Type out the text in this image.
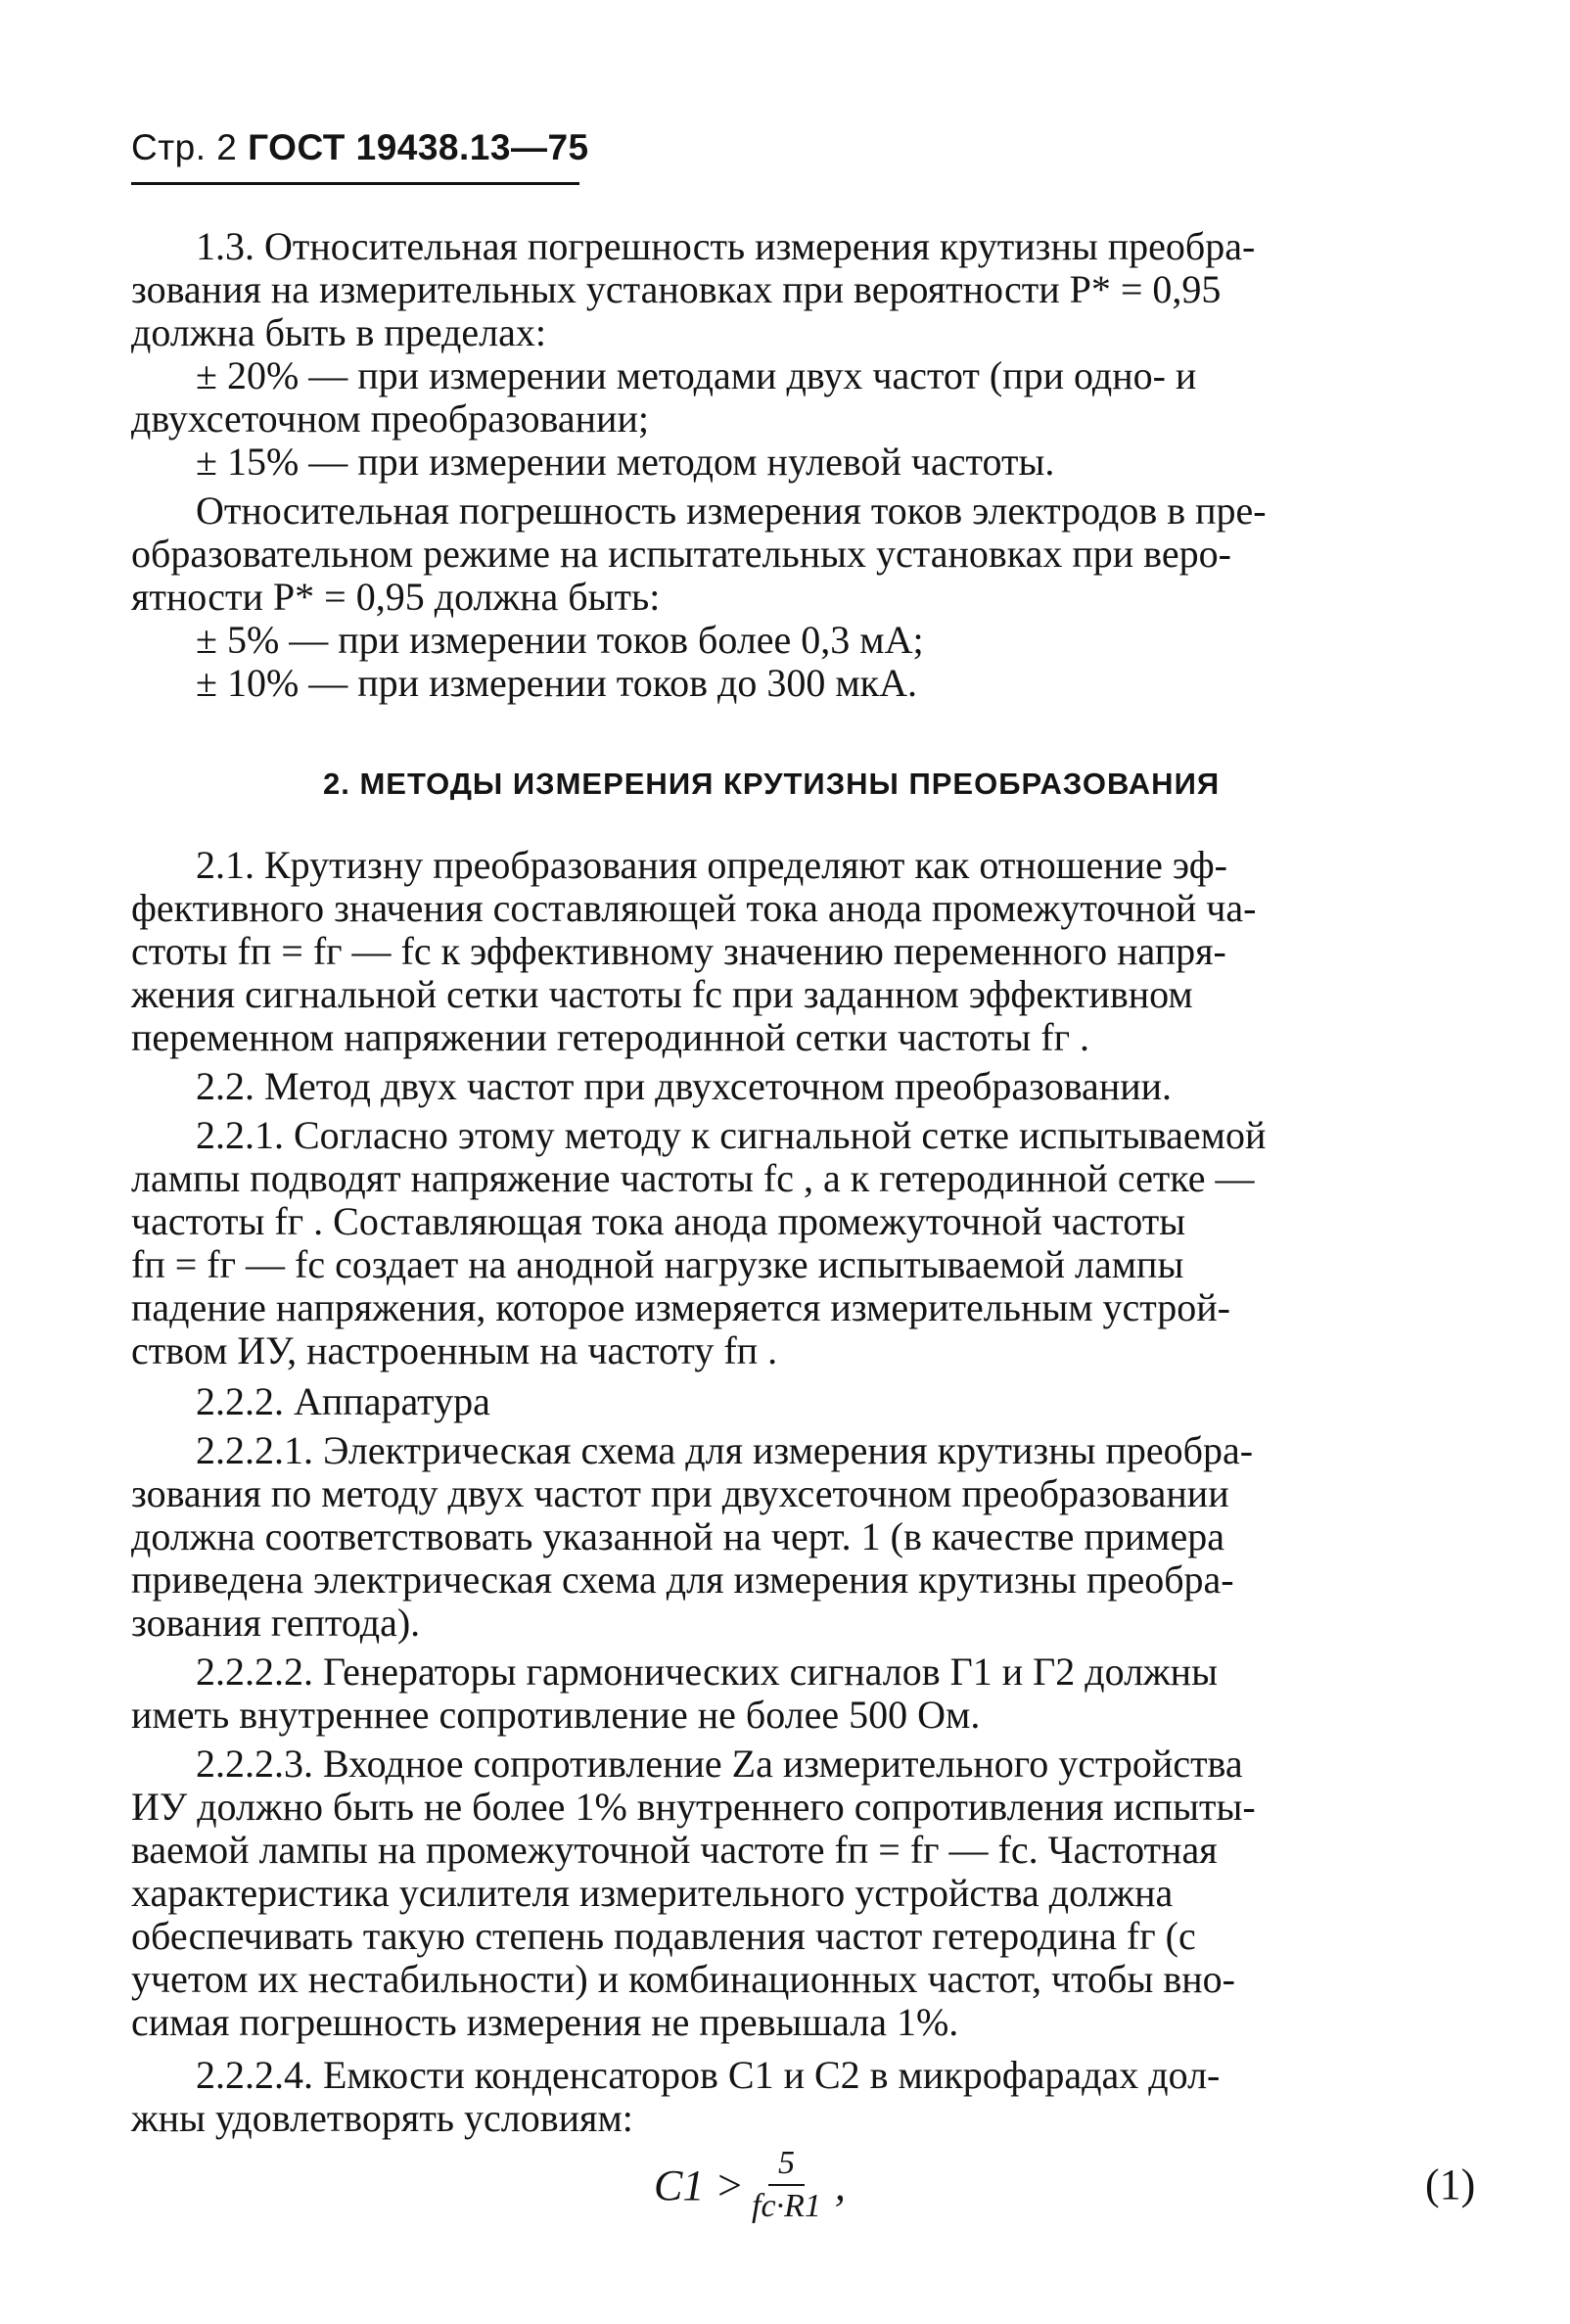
Стр. 2 ГОСТ 19438.13—75
1.3. Относительная погрешность измерения крутизны преобра-
зования на измерительных установках при вероятности P* = 0,95
должна быть в пределах:
± 20% — при измерении методами двух частот (при одно- и
двухсеточном преобразовании;
± 15% — при измерении методом нулевой частоты.
Относительная погрешность измерения токов электродов в пре-
образовательном режиме на испытательных установках при веро-
ятности P* = 0,95 должна быть:
± 5% — при измерении токов более 0,3 мА;
± 10% — при измерении токов до 300 мкА.
2. МЕТОДЫ ИЗМЕРЕНИЯ КРУТИЗНЫ ПРЕОБРАЗОВАНИЯ
2.1. Крутизну преобразования определяют как отношение эф-
фективного значения составляющей тока анода промежуточной ча-
стоты fп = fг — fc к эффективному значению переменного напря-
жения сигнальной сетки частоты fc при заданном эффективном
переменном напряжении гетеродинной сетки частоты fг .
2.2. Метод двух частот при двухсеточном преобразовании.
2.2.1. Согласно этому методу к сигнальной сетке испытываемой
лампы подводят напряжение частоты fc , а к гетеродинной сетке —
частоты fг . Составляющая тока анода промежуточной частоты
fп = fг — fc создает на анодной нагрузке испытываемой лампы
падение напряжения, которое измеряется измерительным устрой-
ством ИУ, настроенным на частоту fп .
2.2.2. Аппаратура
2.2.2.1. Электрическая схема для измерения крутизны преобра-
зования по методу двух частот при двухсеточном преобразовании
должна соответствовать указанной на черт. 1 (в качестве примера
приведена электрическая схема для измерения крутизны преобра-
зования гептода).
2.2.2.2. Генераторы гармонических сигналов Г1 и Г2 должны
иметь внутреннее сопротивление не более 500 Ом.
2.2.2.3. Входное сопротивление Zа измерительного устройства
ИУ должно быть не более 1% внутреннего сопротивления испыты-
ваемой лампы на промежуточной частоте fп = fг — fc. Частотная
характеристика усилителя измерительного устройства должна
обеспечивать такую степень подавления частот гетеродина fг (с
учетом их нестабильности) и комбинационных частот, чтобы вно-
симая погрешность измерения не превышала 1%.
2.2.2.4. Емкости конденсаторов С1 и С2 в микрофарадах дол-
жны удовлетворять условиям:
$C1 > \frac{5}{fc\cdot R1}$ ,	(1)
